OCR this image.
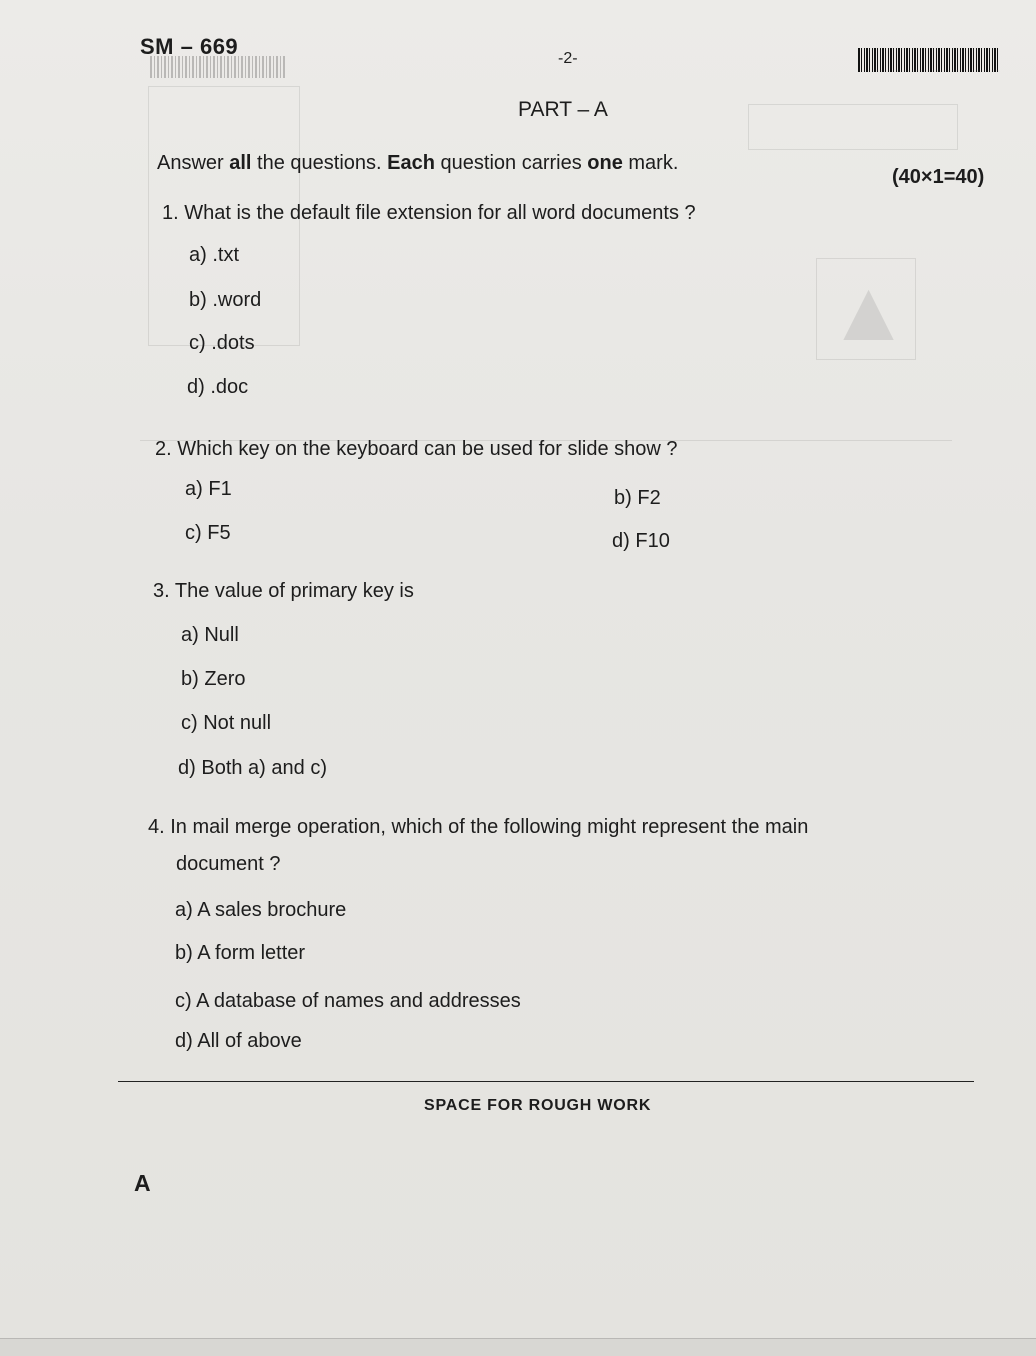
▲
SM – 669	-2-
PART – A
Answer all the questions. Each question carries one mark.
(40×1=40)
1. What is the default file extension for all word documents ?
a) .txt
b) .word
c) .dots
d) .doc
2. Which key on the keyboard can be used for slide show ?
a) F1	b) F2
c) F5	d) F10
3. The value of primary key is
a) Null
b) Zero
c) Not null
d) Both a) and c)
4. In mail merge operation, which of the following might represent the main
document ?
a) A sales brochure
b) A form letter
c) A database of names and addresses
d) All of above
SPACE FOR ROUGH WORK
A
